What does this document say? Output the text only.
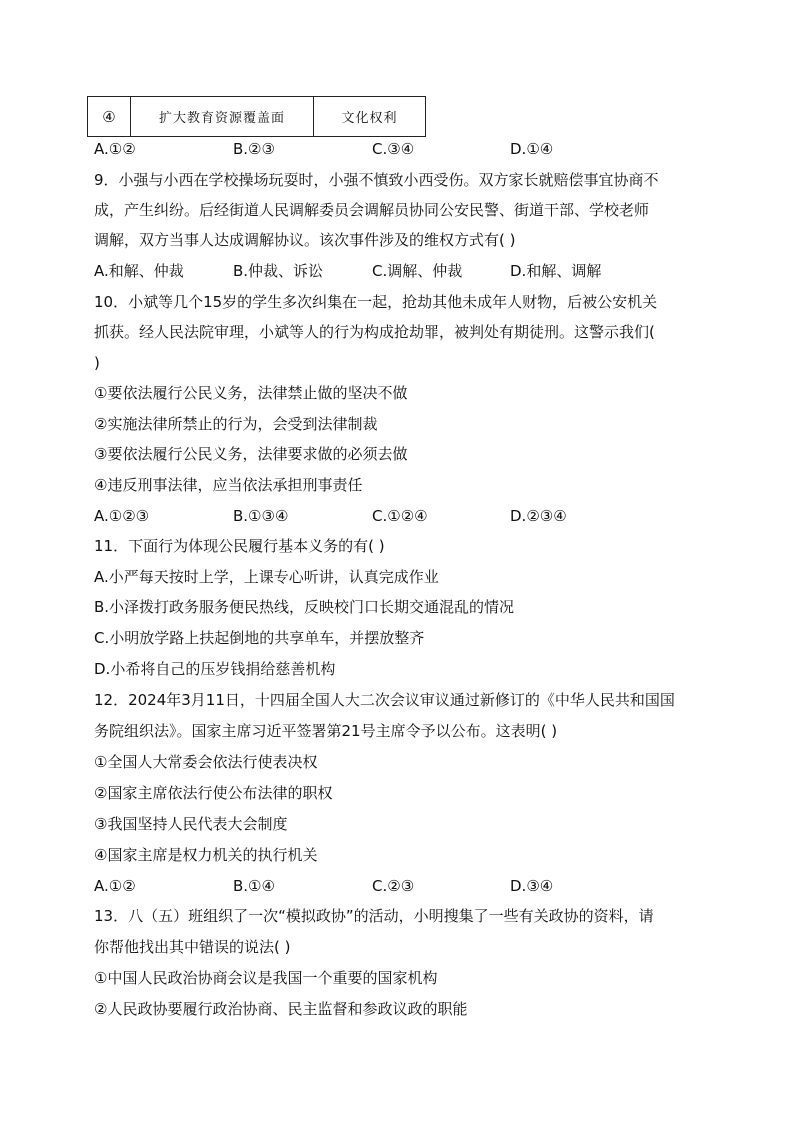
④	扩大教育资源覆盖面	文化权利
A.①②	B.②③	C.③④	D.①④
9．小强与小西在学校操场玩耍时，小强不慎致小西受伤。双方家长就赔偿事宜协商不
成，产生纠纷。后经街道人民调解委员会调解员协同公安民警、街道干部、学校老师
调解，双方当事人达成调解协议。该次事件涉及的维权方式有( )
A.和解、仲裁	B.仲裁、诉讼	C.调解、仲裁	D.和解、调解
10．小斌等几个15岁的学生多次纠集在一起，抢劫其他未成年人财物，后被公安机关
抓获。经人民法院审理，小斌等人的行为构成抢劫罪，被判处有期徒刑。这警示我们(
)
①要依法履行公民义务，法律禁止做的坚决不做
②实施法律所禁止的行为，会受到法律制裁
③要依法履行公民义务，法律要求做的必须去做
④违反刑事法律，应当依法承担刑事责任
A.①②③	B.①③④	C.①②④	D.②③④
11．下面行为体现公民履行基本义务的有( )
A.小严每天按时上学，上课专心听讲，认真完成作业
B.小泽拨打政务服务便民热线，反映校门口长期交通混乱的情况
C.小明放学路上扶起倒地的共享单车，并摆放整齐
D.小希将自己的压岁钱捐给慈善机构
12．2024年3月11日，十四届全国人大二次会议审议通过新修订的《中华人民共和国国
务院组织法》。国家主席习近平签署第21号主席令予以公布。这表明( )
①全国人大常委会依法行使表决权
②国家主席依法行使公布法律的职权
③我国坚持人民代表大会制度
④国家主席是权力机关的执行机关
A.①②	B.①④	C.②③	D.③④
13．八（五）班组织了一次“模拟政协”的活动，小明搜集了一些有关政协的资料，请
你帮他找出其中错误的说法( )
①中国人民政治协商会议是我国一个重要的国家机构
②人民政协要履行政治协商、民主监督和参政议政的职能
